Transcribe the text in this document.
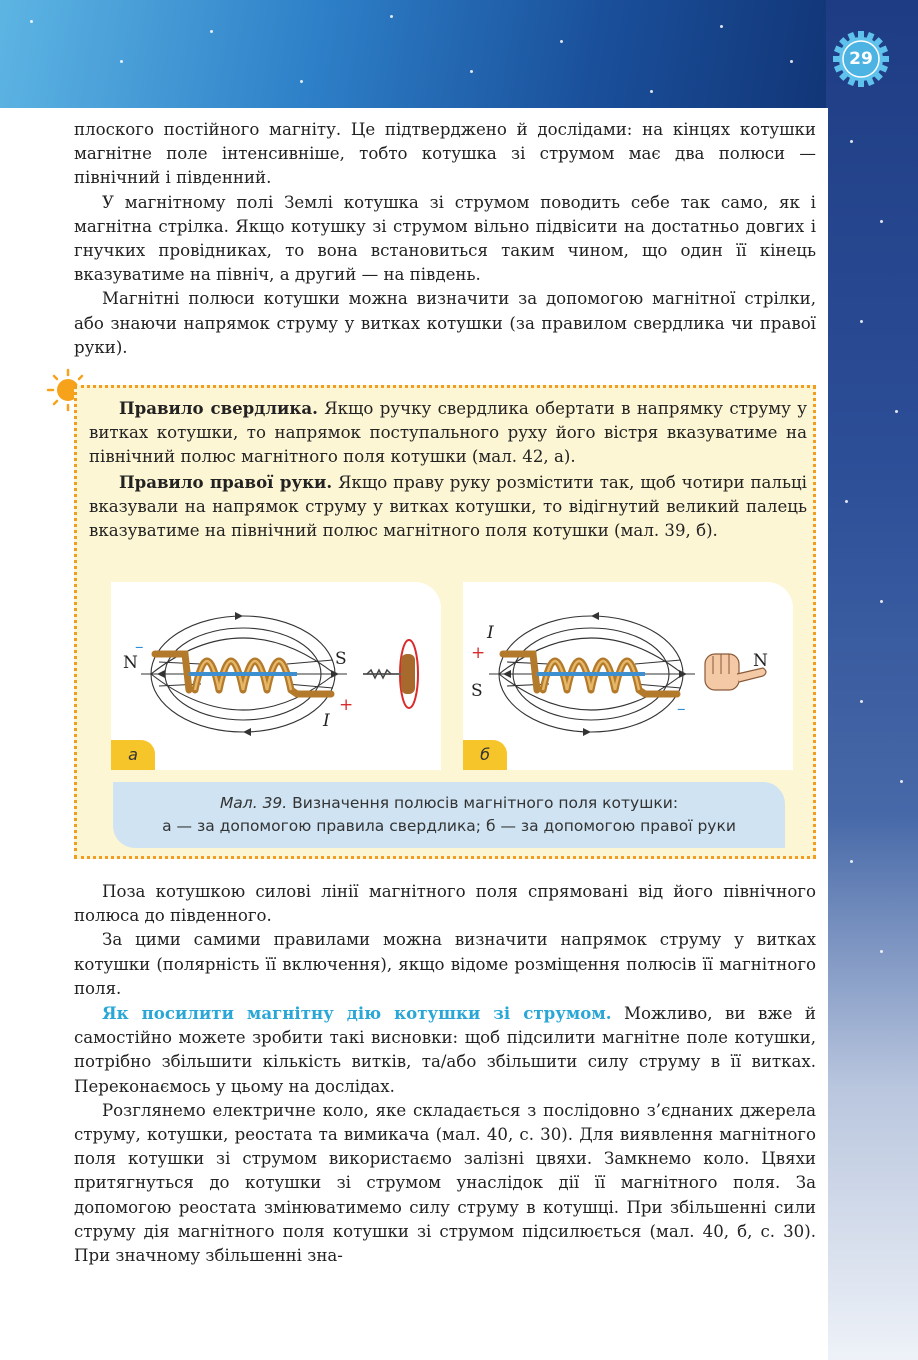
29

плоского постійного магніту. Це підтверджено й дослідами: на кінцях котушки магнітне поле інтенсивніше, тобто котушка зі струмом має два полюси — північний і південний.

У магнітному полі Землі котушка зі струмом поводить себе так само, як і магнітна стрілка. Якщо котушку зі струмом вільно підвісити на достатньо довгих і гнучких провідниках, то вона встановиться таким чином, що один її кінець вказуватиме на північ, а другий — на південь.

Магнітні полюси котушки можна визначити за допомогою магнітної стрілки, або знаючи напрямок струму у витках котушки (за правилом свердлика чи правої руки).

Правило свердлика. Якщо ручку свердлика обертати в напрямку струму у витках котушки, то напрямок поступального руху його вістря вказуватиме на північний полюс магнітного поля котушки (мал. 42, а).

Правило правої руки. Якщо праву руку розмістити так, щоб чотири пальці вказували на напрямок струму у витках котушки, то відігнутий великий палець вказуватиме на північний полюс магнітного поля котушки (мал. 39, б).

N
–
S
I
+
а
I
+
S
N
–
б
Мал. 39. Визначення полюсів магнітного поля котушки:
а — за допомогою правила свердлика; б — за допомогою правої руки

Поза котушкою силові лінії магнітного поля спрямовані від його північного полюса до південного.

За цими самими правилами можна визначити напрямок струму у витках котушки (полярність її включення), якщо відоме розміщення полюсів її магнітного поля.

Як посилити магнітну дію котушки зі струмом. Можливо, ви вже й самостійно можете зробити такі висновки: щоб підсилити магнітне поле котушки, потрібно збільшити кількість витків, та/або збільшити силу струму в її витках. Переконаємось у цьому на дослідах.

Розглянемо електричне коло, яке складається з послідовно з’єднаних джерела струму, котушки, реостата та вимикача (мал. 40, с. 30). Для виявлення магнітного поля котушки зі струмом використаємо залізні цвяхи. Замкнемо коло. Цвяхи притягнуться до котушки зі струмом унаслідок дії її магнітного поля. За допомогою реостата змінюватимемо силу струму в котушці. При збільшенні сили струму дія магнітного поля котушки зі струмом підсилюється (мал. 40, б, с. 30). При значному збільшенні зна-
